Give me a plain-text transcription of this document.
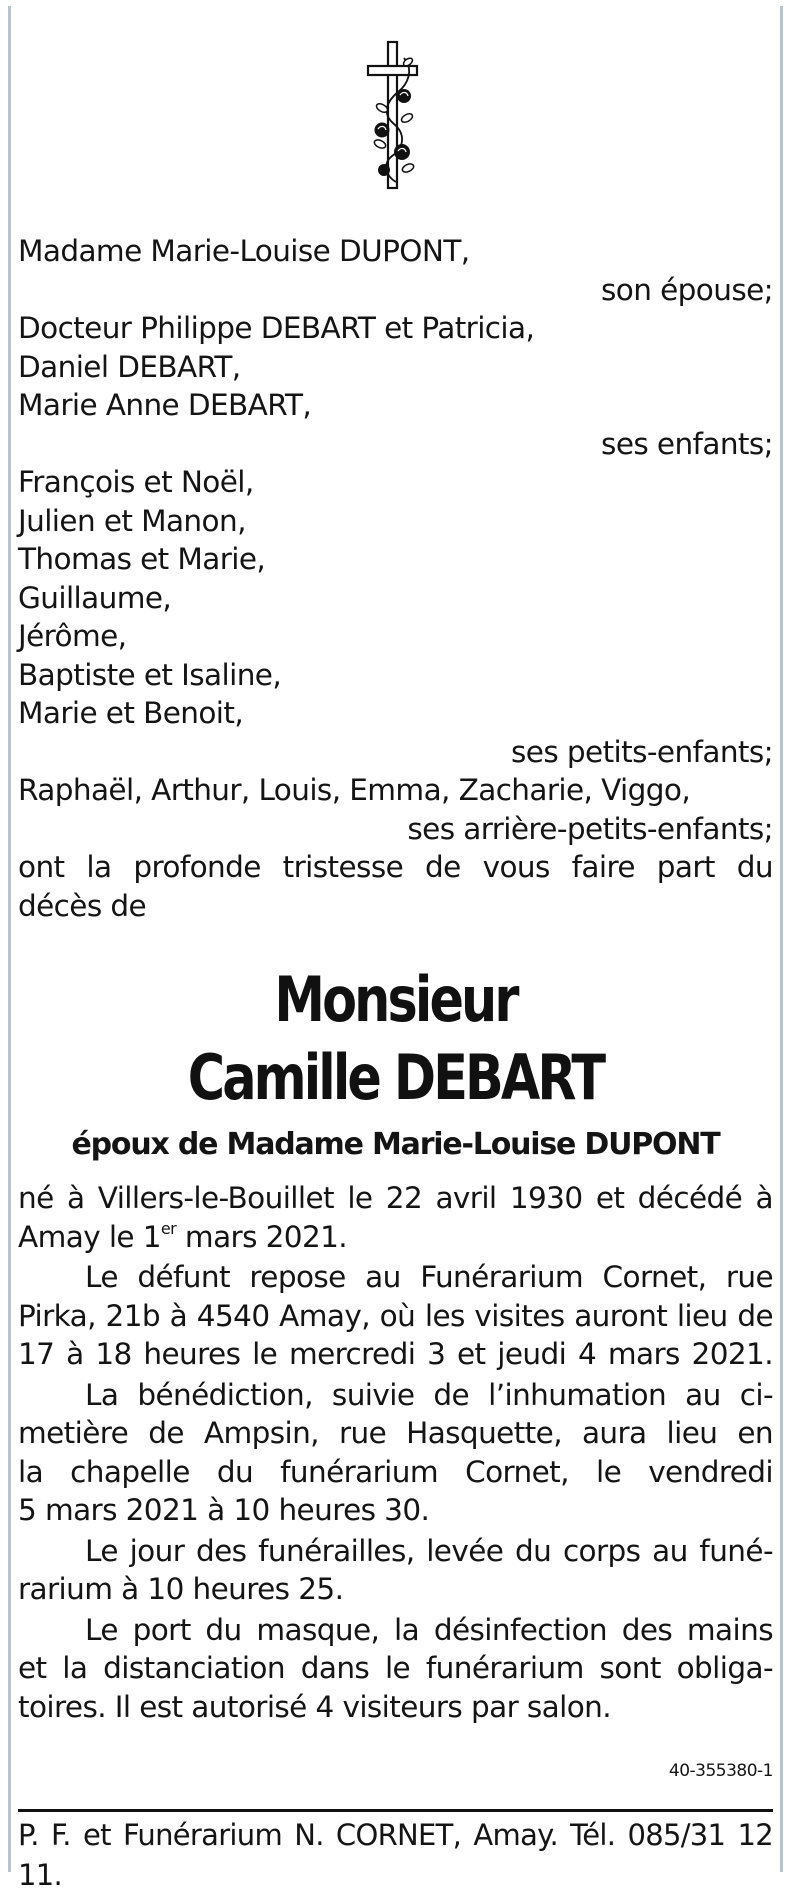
Madame Marie-Louise DUPONT,
son épouse;
Docteur Philippe DEBART et Patricia,
Daniel DEBART,
Marie Anne DEBART,
ses enfants;
François et Noël,
Julien et Manon,
Thomas et Marie,
Guillaume,
Jérôme,
Baptiste et Isaline,
Marie et Benoit,
ses petits-enfants;
Raphaël, Arthur, Louis, Emma, Zacharie, Viggo,
ses arrière-petits-enfants;
ont la profonde tristesse de vous faire part du
décès de
Monsieur
Camille DEBART
époux de Madame Marie-Louise DUPONT
né à Villers-le-Bouillet le 22 avril 1930 et décédé à
Amay le 1er mars 2021.
Le défunt repose au Funérarium Cornet, rue
Pirka, 21b à 4540 Amay, où les visites auront lieu de
17 à 18 heures le mercredi 3 et jeudi 4 mars 2021.
La bénédiction, suivie de l’inhumation au ci-
metière de Ampsin, rue Hasquette, aura lieu en
la chapelle du funérarium Cornet, le vendredi
5 mars 2021 à 10 heures 30.
Le jour des funérailles, levée du corps au funé-
rarium à 10 heures 25.
Le port du masque, la désinfection des mains
et la distanciation dans le funérarium sont obliga-
toires. Il est autorisé 4 visiteurs par salon.
40-355380-1
P. F. et Funérarium N. CORNET, Amay. Tél. 085/31 12 11.
